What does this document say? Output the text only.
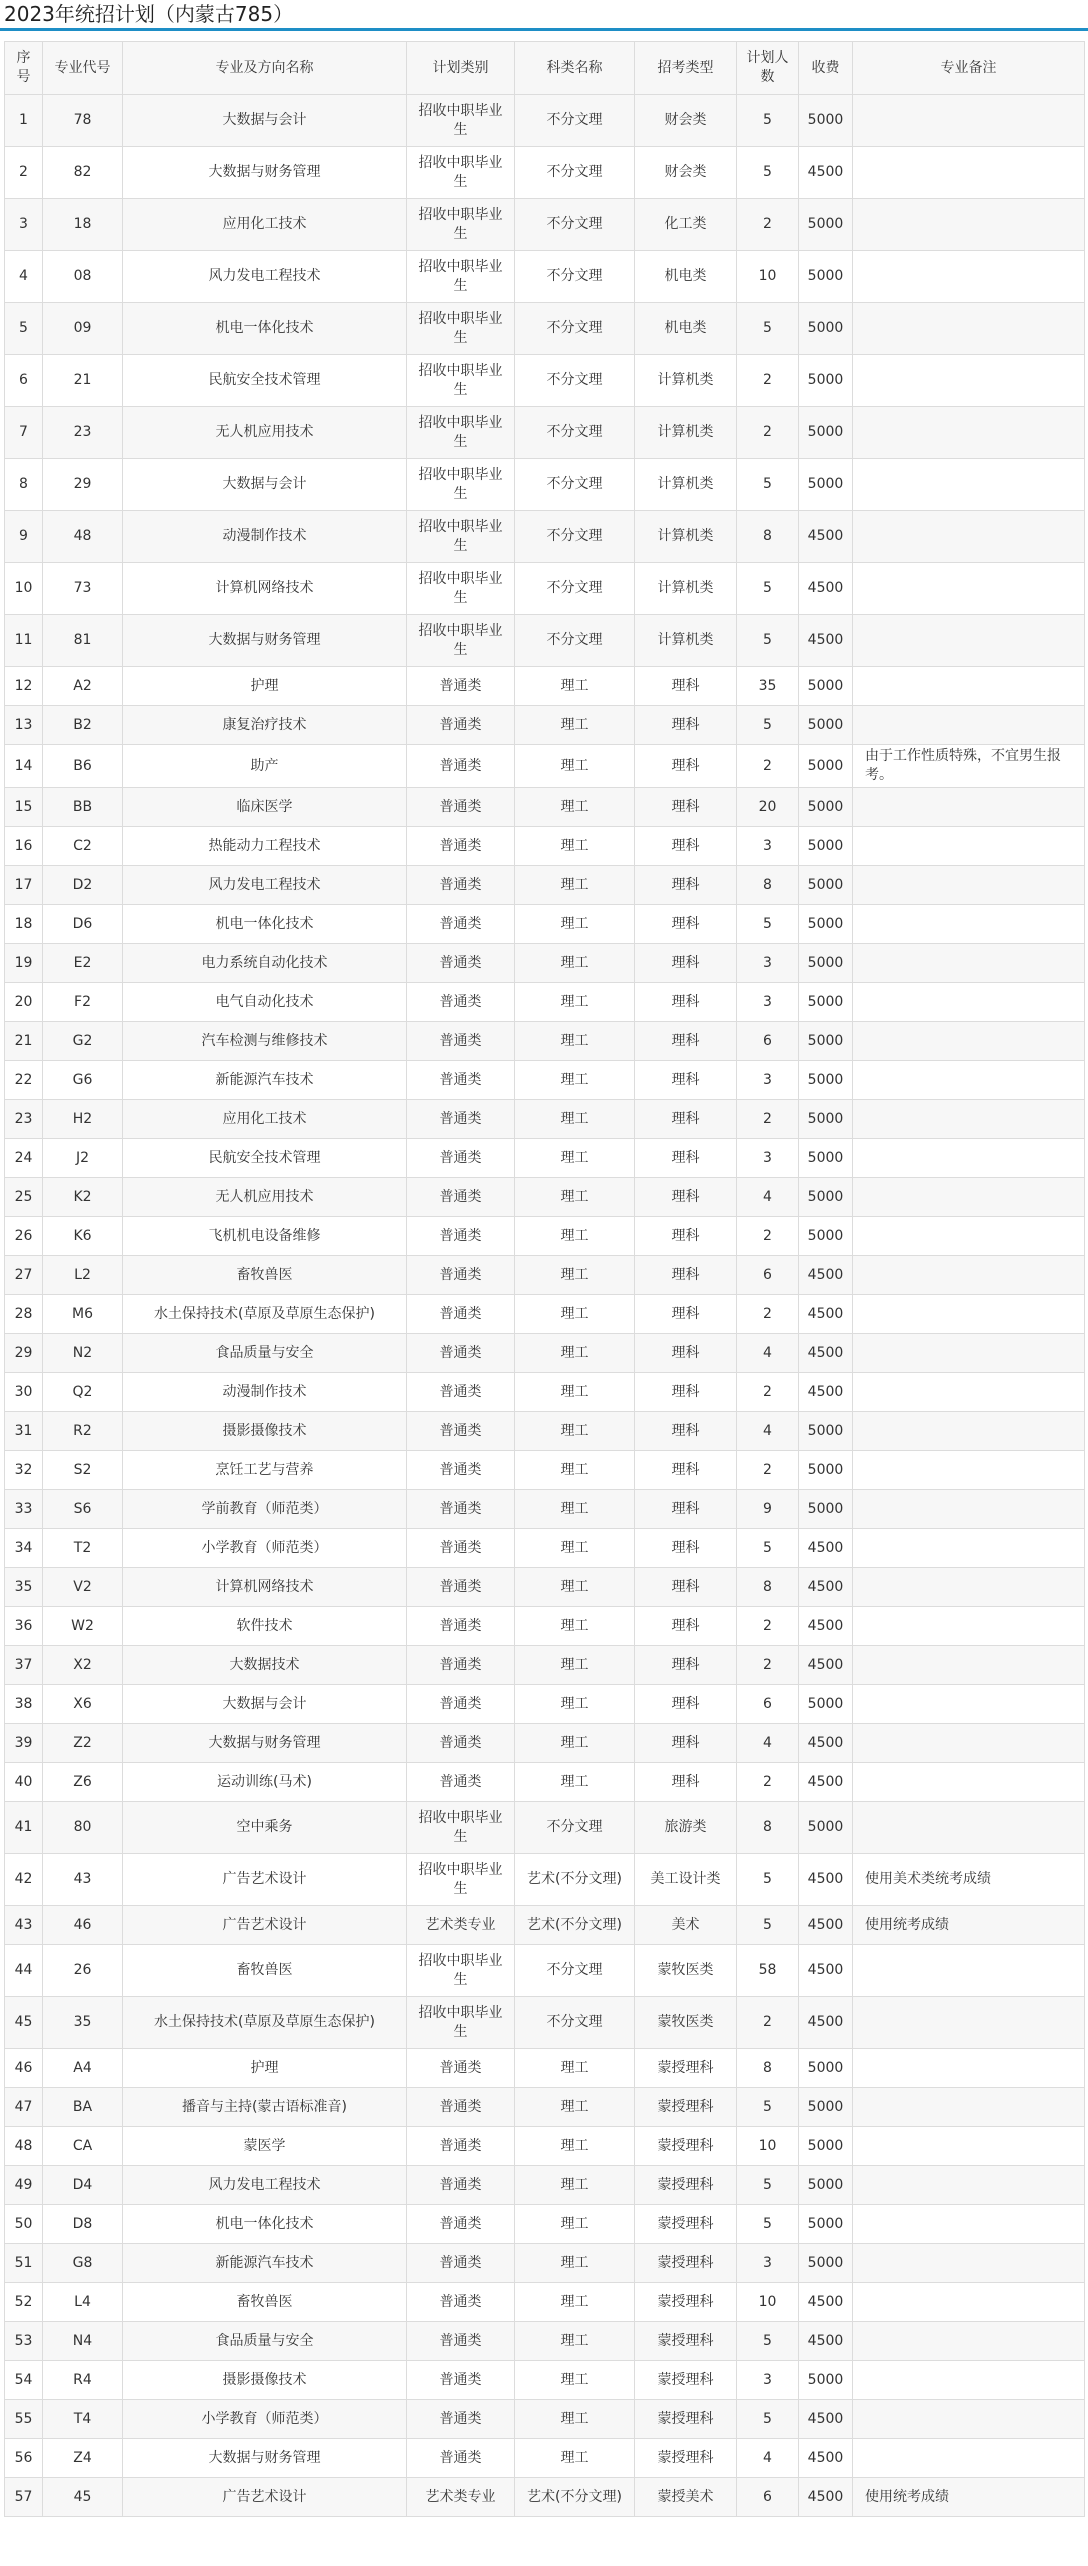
2023年统招计划（内蒙古785）
序号	专业代号	专业及方向名称	计划类别	科类名称	招考类型	计划人数	收费	专业备注
1	78	大数据与会计	招收中职毕业生	不分文理	财会类	5	5000	
2	82	大数据与财务管理	招收中职毕业生	不分文理	财会类	5	4500	
3	18	应用化工技术	招收中职毕业生	不分文理	化工类	2	5000	
4	08	风力发电工程技术	招收中职毕业生	不分文理	机电类	10	5000	
5	09	机电一体化技术	招收中职毕业生	不分文理	机电类	5	5000	
6	21	民航安全技术管理	招收中职毕业生	不分文理	计算机类	2	5000	
7	23	无人机应用技术	招收中职毕业生	不分文理	计算机类	2	5000	
8	29	大数据与会计	招收中职毕业生	不分文理	计算机类	5	5000	
9	48	动漫制作技术	招收中职毕业生	不分文理	计算机类	8	4500	
10	73	计算机网络技术	招收中职毕业生	不分文理	计算机类	5	4500	
11	81	大数据与财务管理	招收中职毕业生	不分文理	计算机类	5	4500	
12	A2	护理	普通类	理工	理科	35	5000	
13	B2	康复治疗技术	普通类	理工	理科	5	5000	
14	B6	助产	普通类	理工	理科	2	5000	由于工作性质特殊，不宜男生报考。
15	BB	临床医学	普通类	理工	理科	20	5000	
16	C2	热能动力工程技术	普通类	理工	理科	3	5000	
17	D2	风力发电工程技术	普通类	理工	理科	8	5000	
18	D6	机电一体化技术	普通类	理工	理科	5	5000	
19	E2	电力系统自动化技术	普通类	理工	理科	3	5000	
20	F2	电气自动化技术	普通类	理工	理科	3	5000	
21	G2	汽车检测与维修技术	普通类	理工	理科	6	5000	
22	G6	新能源汽车技术	普通类	理工	理科	3	5000	
23	H2	应用化工技术	普通类	理工	理科	2	5000	
24	J2	民航安全技术管理	普通类	理工	理科	3	5000	
25	K2	无人机应用技术	普通类	理工	理科	4	5000	
26	K6	飞机机电设备维修	普通类	理工	理科	2	5000	
27	L2	畜牧兽医	普通类	理工	理科	6	4500	
28	M6	水土保持技术(草原及草原生态保护)	普通类	理工	理科	2	4500	
29	N2	食品质量与安全	普通类	理工	理科	4	4500	
30	Q2	动漫制作技术	普通类	理工	理科	2	4500	
31	R2	摄影摄像技术	普通类	理工	理科	4	5000	
32	S2	烹饪工艺与营养	普通类	理工	理科	2	5000	
33	S6	学前教育（师范类）	普通类	理工	理科	9	5000	
34	T2	小学教育（师范类）	普通类	理工	理科	5	4500	
35	V2	计算机网络技术	普通类	理工	理科	8	4500	
36	W2	软件技术	普通类	理工	理科	2	4500	
37	X2	大数据技术	普通类	理工	理科	2	4500	
38	X6	大数据与会计	普通类	理工	理科	6	5000	
39	Z2	大数据与财务管理	普通类	理工	理科	4	4500	
40	Z6	运动训练(马术)	普通类	理工	理科	2	4500	
41	80	空中乘务	招收中职毕业生	不分文理	旅游类	8	5000	
42	43	广告艺术设计	招收中职毕业生	艺术(不分文理)	美工设计类	5	4500	使用美术类统考成绩
43	46	广告艺术设计	艺术类专业	艺术(不分文理)	美术	5	4500	使用统考成绩
44	26	畜牧兽医	招收中职毕业生	不分文理	蒙牧医类	58	4500	
45	35	水土保持技术(草原及草原生态保护)	招收中职毕业生	不分文理	蒙牧医类	2	4500	
46	A4	护理	普通类	理工	蒙授理科	8	5000	
47	BA	播音与主持(蒙古语标准音)	普通类	理工	蒙授理科	5	5000	
48	CA	蒙医学	普通类	理工	蒙授理科	10	5000	
49	D4	风力发电工程技术	普通类	理工	蒙授理科	5	5000	
50	D8	机电一体化技术	普通类	理工	蒙授理科	5	5000	
51	G8	新能源汽车技术	普通类	理工	蒙授理科	3	5000	
52	L4	畜牧兽医	普通类	理工	蒙授理科	10	4500	
53	N4	食品质量与安全	普通类	理工	蒙授理科	5	4500	
54	R4	摄影摄像技术	普通类	理工	蒙授理科	3	5000	
55	T4	小学教育（师范类）	普通类	理工	蒙授理科	5	4500	
56	Z4	大数据与财务管理	普通类	理工	蒙授理科	4	4500	
57	45	广告艺术设计	艺术类专业	艺术(不分文理)	蒙授美术	6	4500	使用统考成绩
